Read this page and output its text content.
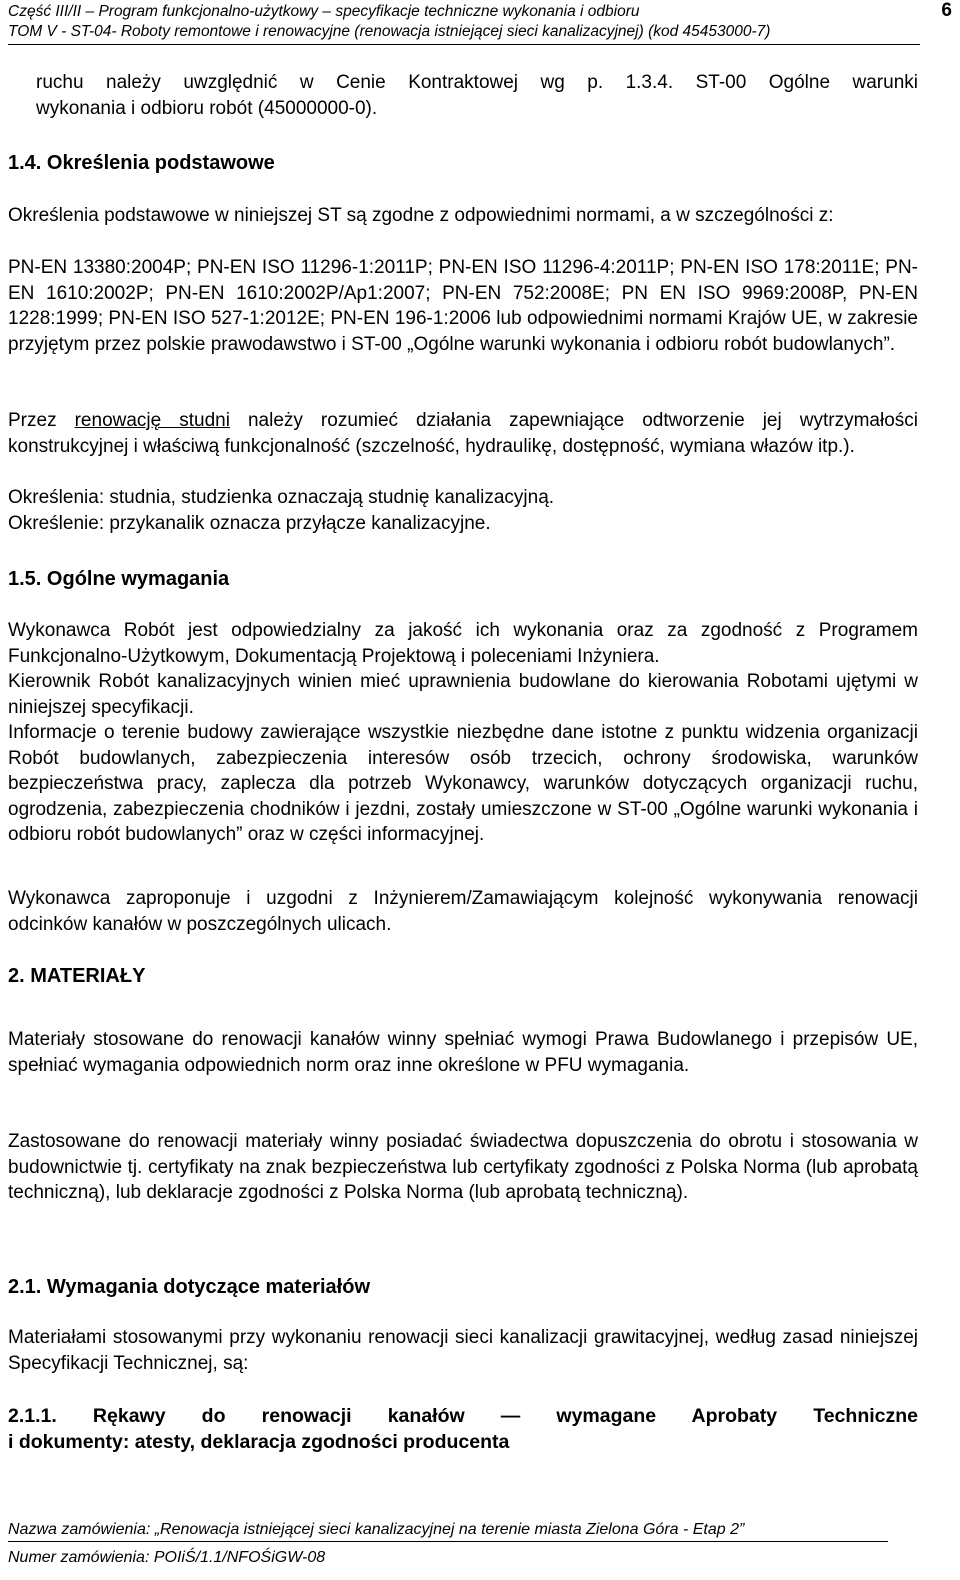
Część III/II – Program funkcjonalno-użytkowy – specyfikacje techniczne wykonania i odbioru
TOM V - ST-04- Roboty remontowe i renowacyjne (renowacja istniejącej sieci kanalizacyjnej) (kod 45453000-7)
6
ruchu należy uwzględnić w Cenie Kontraktowej wg p. 1.3.4. ST-00 Ogólne warunki
wykonania i odbioru robót (45000000-0).
1.4. Określenia podstawowe
Określenia podstawowe w niniejszej ST są zgodne z odpowiednimi normami, a w szczególności z:
PN-EN 13380:2004P; PN-EN ISO 11296-1:2011P; PN-EN ISO 11296-4:2011P; PN-EN ISO 178:2011E; PN-EN 1610:2002P; PN-EN 1610:2002P/Ap1:2007; PN-EN 752:2008E; PN EN ISO 9969:2008P, PN-EN 1228:1999; PN-EN ISO 527-1:2012E; PN-EN 196-1:2006 lub odpowiednimi normami Krajów UE, w zakresie przyjętym przez polskie prawodawstwo i ST-00 „Ogólne warunki wykonania i odbioru robót budowlanych”.
Przez renowację studni należy rozumieć działania zapewniające odtworzenie jej wytrzymałości konstrukcyjnej i właściwą funkcjonalność (szczelność, hydraulikę, dostępność, wymiana włazów itp.).
Określenia: studnia, studzienka oznaczają studnię kanalizacyjną.
Określenie: przykanalik oznacza przyłącze kanalizacyjne.
1.5. Ogólne wymagania
Wykonawca Robót jest odpowiedzialny za jakość ich wykonania oraz za zgodność z Programem Funkcjonalno-Użytkowym, Dokumentacją Projektową i poleceniami Inżyniera.
Kierownik Robót kanalizacyjnych winien mieć uprawnienia budowlane do kierowania Robotami ujętymi w niniejszej specyfikacji.
Informacje o terenie budowy zawierające wszystkie niezbędne dane istotne z punktu widzenia organizacji Robót budowlanych, zabezpieczenia interesów osób trzecich, ochrony środowiska, warunków bezpieczeństwa pracy, zaplecza dla potrzeb Wykonawcy, warunków dotyczących organizacji ruchu, ogrodzenia, zabezpieczenia chodników i jezdni, zostały umieszczone w ST-00 „Ogólne warunki wykonania i odbioru robót budowlanych” oraz w części informacyjnej.
Wykonawca zaproponuje i uzgodni z Inżynierem/Zamawiającym kolejność wykonywania renowacji odcinków kanałów w poszczególnych ulicach.
2. MATERIAŁY
Materiały stosowane do renowacji kanałów winny spełniać wymogi Prawa Budowlanego i przepisów UE, spełniać wymagania odpowiednich norm oraz inne określone w PFU wymagania.
Zastosowane do renowacji materiały winny posiadać świadectwa dopuszczenia do obrotu i stosowania w budownictwie tj. certyfikaty na znak bezpieczeństwa lub certyfikaty zgodności z Polska Norma (lub aprobatą techniczną), lub deklaracje zgodności z Polska Norma (lub aprobatą techniczną).
2.1. Wymagania dotyczące materiałów
Materiałami stosowanymi przy wykonaniu renowacji sieci kanalizacji grawitacyjnej, według zasad niniejszej Specyfikacji Technicznej, są:
2.1.1. Rękawy do renowacji kanałów — wymagane Aprobaty Techniczne
i dokumenty: atesty, deklaracja zgodności producenta
Nazwa zamówienia: „Renowacja istniejącej sieci kanalizacyjnej na terenie miasta Zielona Góra - Etap 2”
Numer zamówienia: POIiŚ/1.1/NFOŚiGW-08
